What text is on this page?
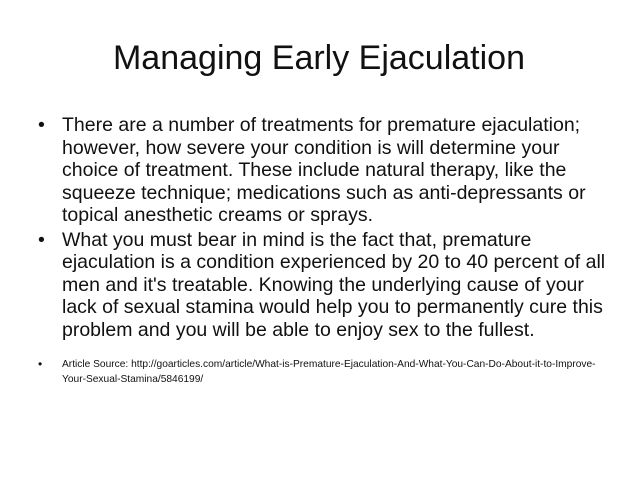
Managing Early Ejaculation
• There are a number of treatments for premature ejaculation; however, how severe your condition is will determine your choice of treatment. These include natural therapy, like the squeeze technique; medications such as anti-depressants or topical anesthetic creams or sprays.
• What you must bear in mind is the fact that, premature ejaculation is a condition experienced by 20 to 40 percent of all men and it's treatable. Knowing the underlying cause of your lack of sexual stamina would help you to permanently cure this problem and you will be able to enjoy sex to the fullest.
•	Article Source: http://goarticles.com/article/What-is-Premature-Ejaculation-And-What-You-Can-Do-About-it-to-Improve-Your-Sexual-Stamina/5846199/
